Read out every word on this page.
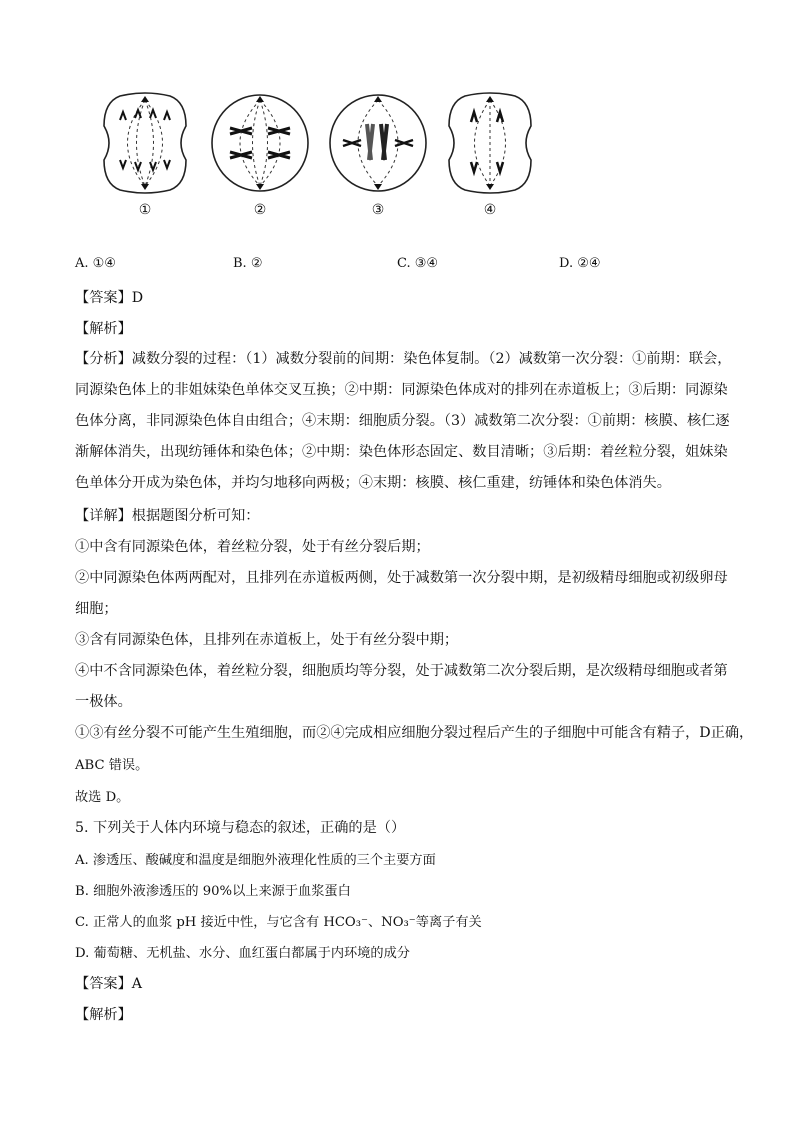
①	②	③	④
A. ①④	B. ②	C. ③④	D. ②④
【答案】D
【解析】
【分析】减数分裂的过程：（1）减数分裂前的间期：染色体复制。（2）减数第一次分裂：①前期：联会，
同源染色体上的非姐妹染色单体交叉互换；②中期：同源染色体成对的排列在赤道板上；③后期：同源染
色体分离，非同源染色体自由组合；④末期：细胞质分裂。（3）减数第二次分裂：①前期：核膜、核仁逐
渐解体消失，出现纺锤体和染色体；②中期：染色体形态固定、数目清晰；③后期：着丝粒分裂，姐妹染
色单体分开成为染色体，并均匀地移向两极；④末期：核膜、核仁重建，纺锤体和染色体消失。
【详解】根据题图分析可知：
①中含有同源染色体，着丝粒分裂，处于有丝分裂后期；
②中同源染色体两两配对，且排列在赤道板两侧，处于减数第一次分裂中期，是初级精母细胞或初级卵母
细胞；
③含有同源染色体，且排列在赤道板上，处于有丝分裂中期；
④中不含同源染色体，着丝粒分裂，细胞质均等分裂，处于减数第二次分裂后期，是次级精母细胞或者第
一极体。
①③有丝分裂不可能产生生殖细胞，而②④完成相应细胞分裂过程后产生的子细胞中可能含有精子，D正确，
ABC 错误。
故选 D。
5. 下列关于人体内环境与稳态的叙述，正确的是（）
A. 渗透压、酸碱度和温度是细胞外液理化性质的三个主要方面
B. 细胞外液渗透压的 90%以上来源于血浆蛋白
C. 正常人的血浆 pH 接近中性，与它含有 HCO₃⁻、NO₃⁻等离子有关
D. 葡萄糖、无机盐、水分、血红蛋白都属于内环境的成分
【答案】A
【解析】
